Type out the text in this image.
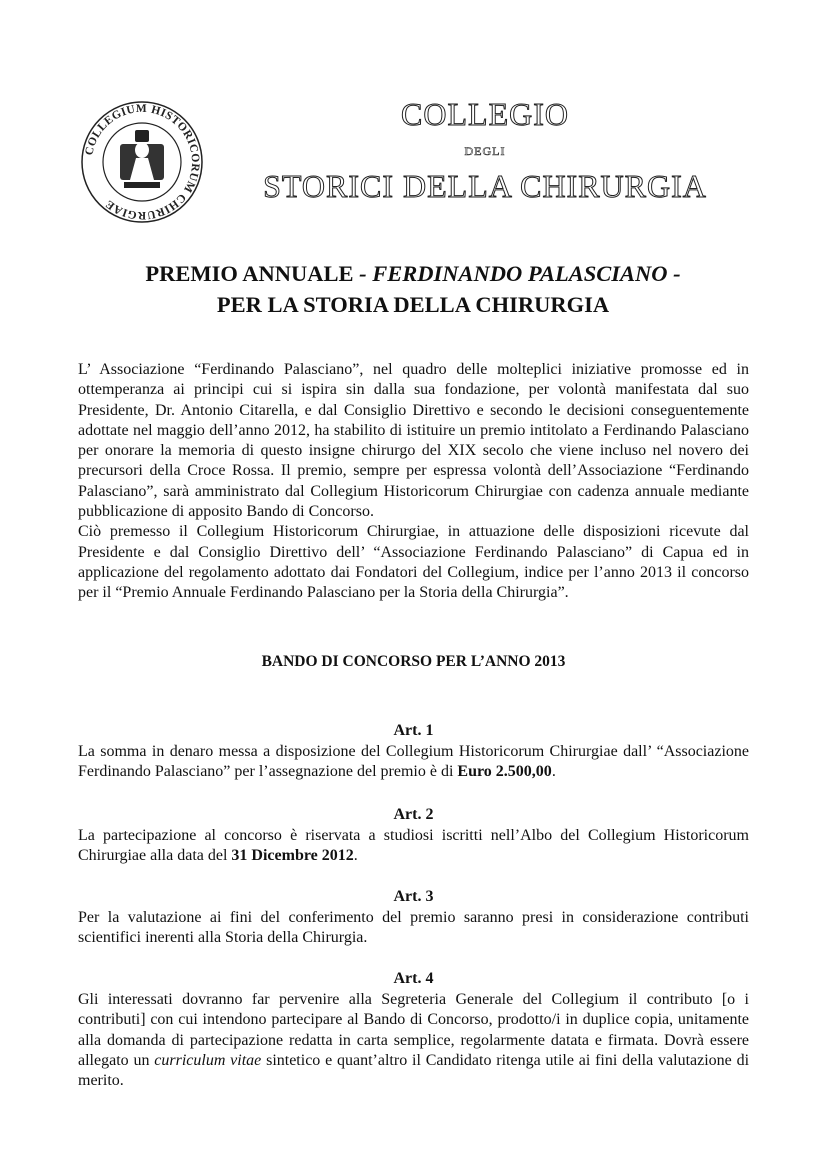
COLLEGIUM HISTORICORUM CHIRURGIAE
COLLEGIO
DEGLI
STORICI DELLA CHIRURGIA
PREMIO ANNUALE - FERDINANDO PALASCIANO -
PER LA STORIA DELLA CHIRURGIA

L’ Associazione “Ferdinando Palasciano”, nel quadro delle molteplici iniziative promosse ed in ottemperanza ai principi cui si ispira sin dalla sua fondazione, per volontà manifestata dal suo Presidente, Dr. Antonio Citarella, e dal Consiglio Direttivo e secondo le decisioni conseguentemente adottate nel maggio dell’anno 2012, ha stabilito di istituire un premio intitolato a Ferdinando Palasciano per onorare la memoria di questo insigne chirurgo del XIX secolo che viene incluso nel novero dei precursori della Croce Rossa. Il premio, sempre per espressa volontà dell’Associazione “Ferdinando Palasciano”, sarà amministrato dal Collegium Historicorum Chirurgiae con cadenza annuale mediante pubblicazione di apposito Bando di Concorso.

Ciò premesso il Collegium Historicorum Chirurgiae, in attuazione delle disposizioni ricevute dal Presidente e dal Consiglio Direttivo dell’ “Associazione Ferdinando Palasciano” di Capua ed in applicazione del regolamento adottato dai Fondatori del Collegium, indice per l’anno 2013 il concorso per il “Premio Annuale Ferdinando Palasciano per la Storia della Chirurgia”.

BANDO DI CONCORSO PER L’ANNO 2013
Art. 1

La somma in denaro messa a disposizione del Collegium Historicorum Chirurgiae dall’ “Associazione Ferdinando Palasciano” per l’assegnazione del premio è di Euro 2.500,00.

Art. 2

La partecipazione al concorso è riservata a studiosi iscritti nell’Albo del Collegium Historicorum Chirurgiae alla data del 31 Dicembre 2012.

Art. 3

Per la valutazione ai fini del conferimento del premio saranno presi in considerazione contributi scientifici inerenti alla Storia della Chirurgia.

Art. 4

Gli interessati dovranno far pervenire alla Segreteria Generale del Collegium il contributo [o i contributi] con cui intendono partecipare al Bando di Concorso, prodotto/i in duplice copia, unitamente alla domanda di partecipazione redatta in carta semplice, regolarmente datata e firmata. Dovrà essere allegato un curriculum vitae sintetico e quant’altro il Candidato ritenga utile ai fini della valutazione di merito.
